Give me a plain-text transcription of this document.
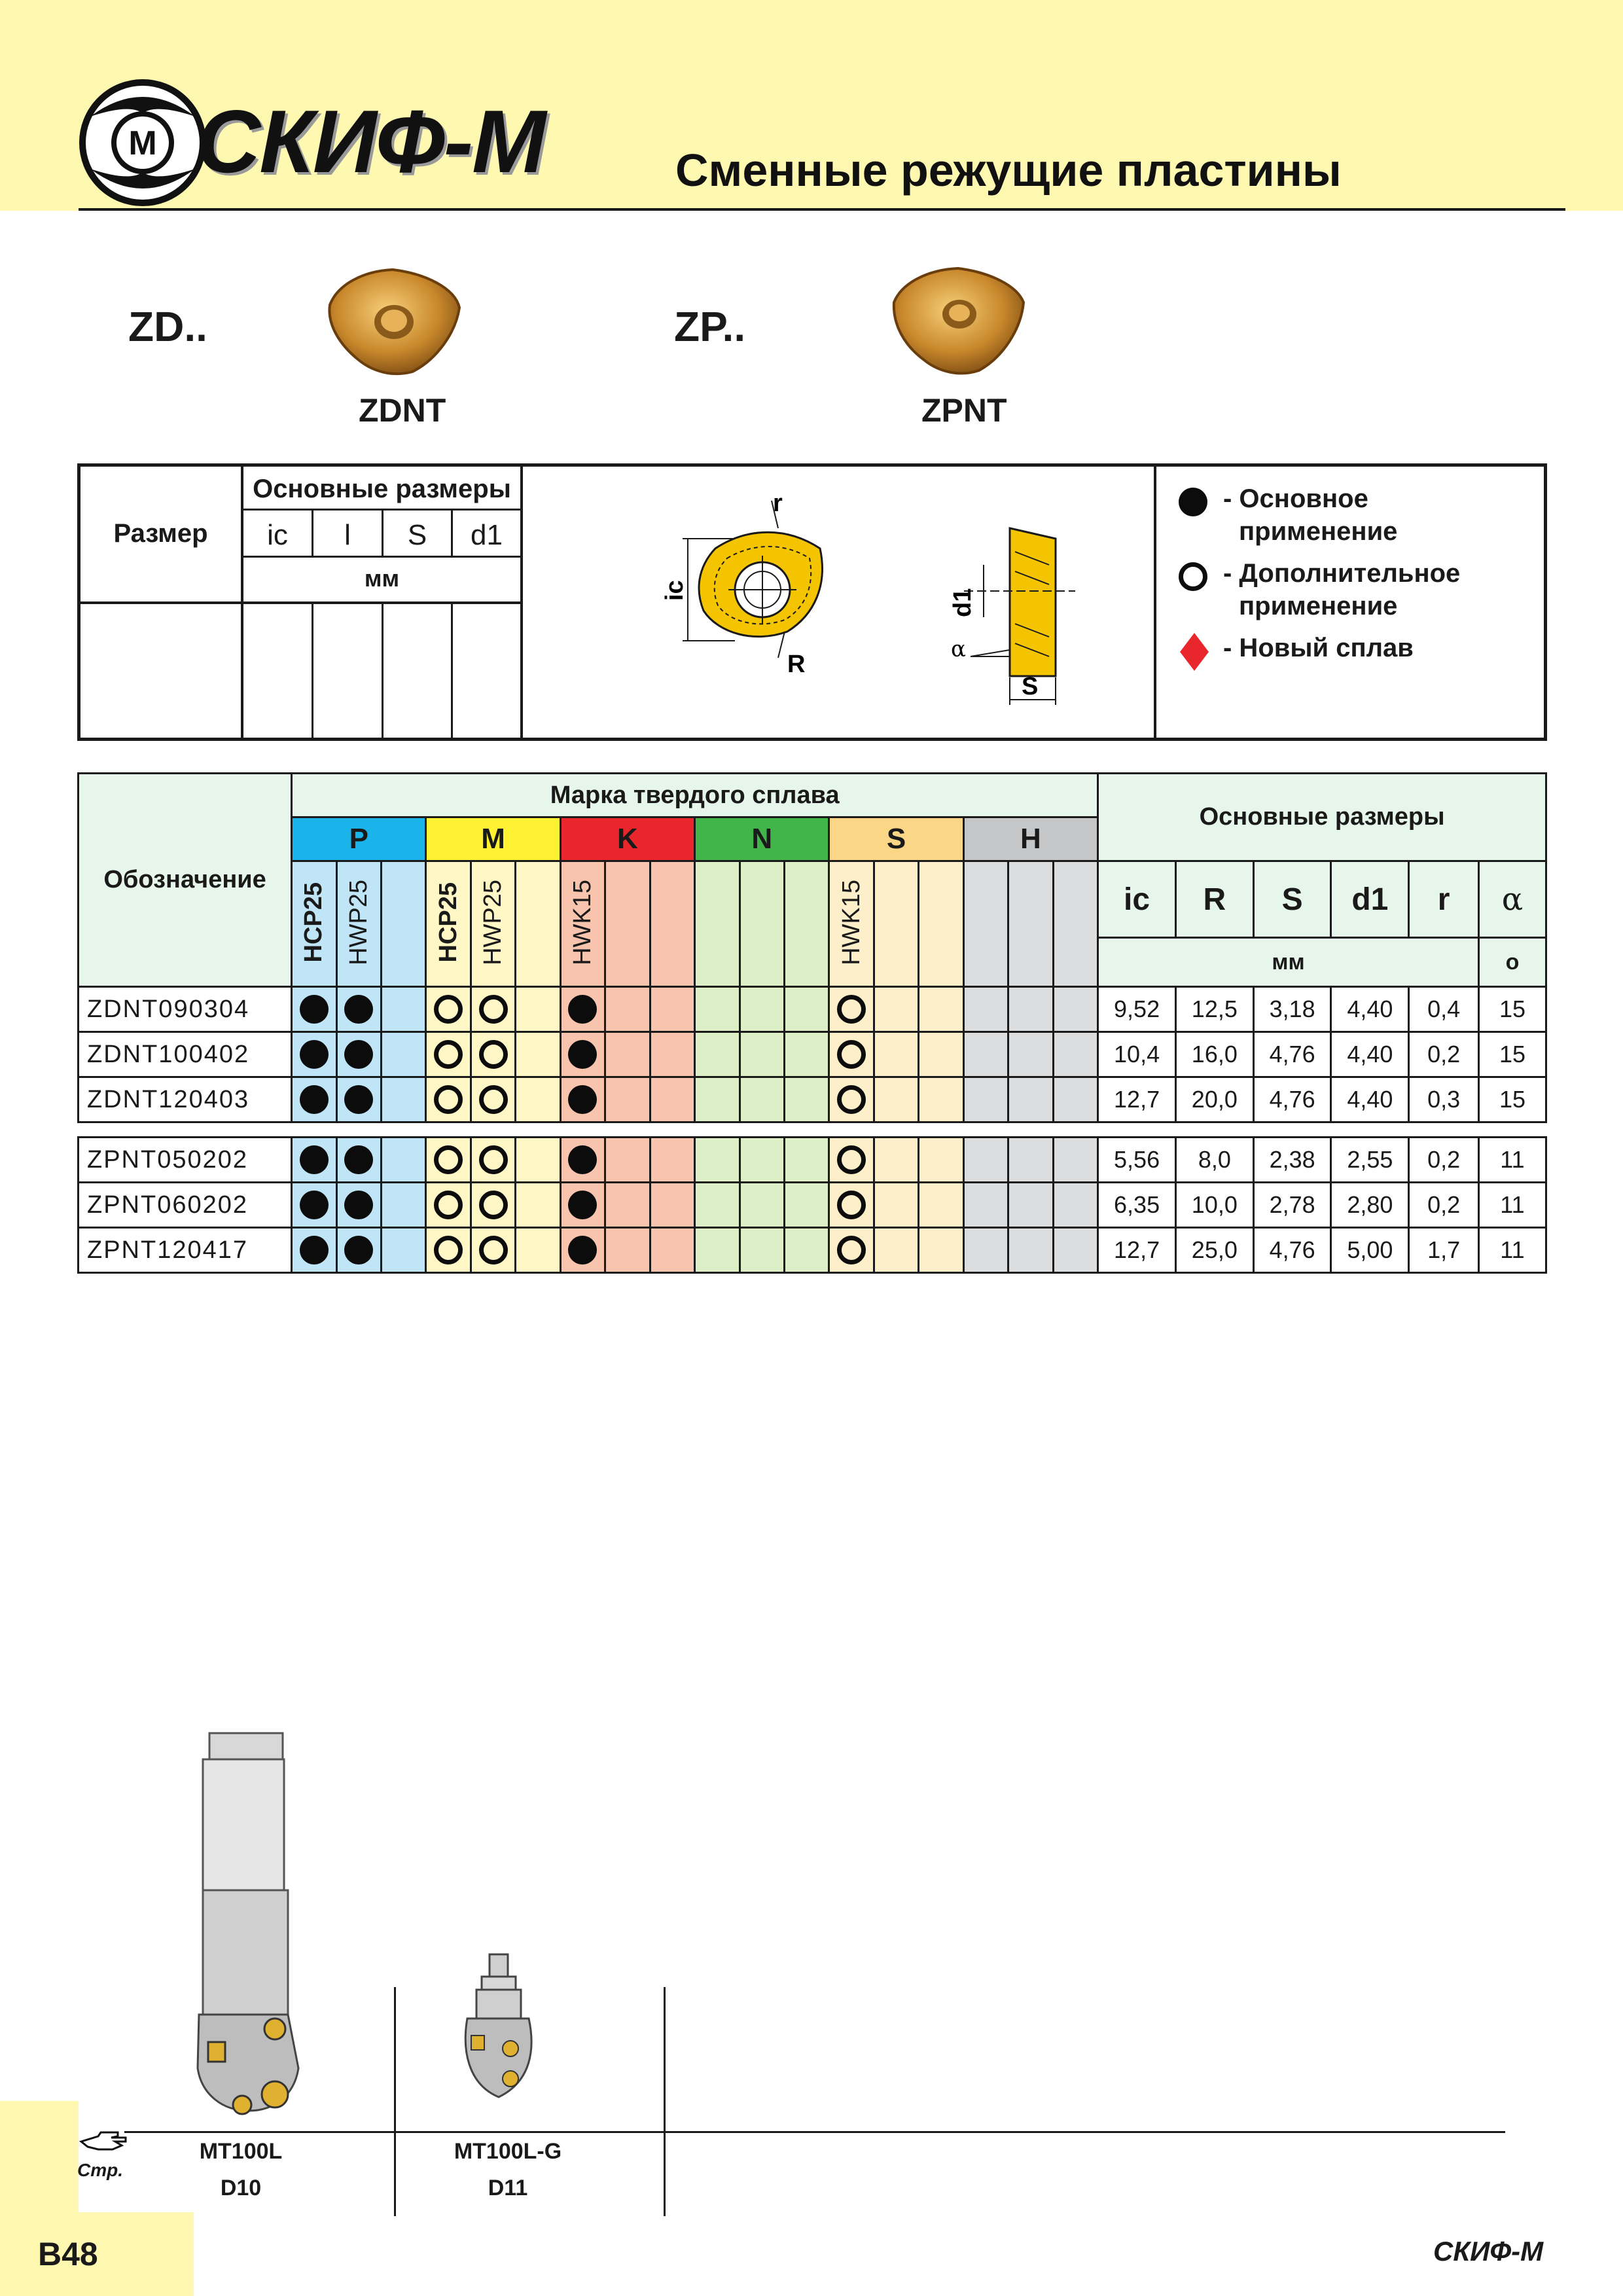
M СКИФ-М	Сменные режущие пластины
ZD..
ZDNT
ZP..
ZPNT
Размер
Основные размеры
ic	l	S	d1
мм
r
R
ic	d1
α
S
- Основное
применение
- Дополнительное
применение
- Новый сплав
Обозначение	Марка твердого сплава																		Основные размеры					
	P			M			K			N			S			H								
	HCP25	HWP25		HCP25	HWP25		HWK15						HWK15						ic	R	S	d1	r	α
																			мм					o
ZDNT090304																			9,52	12,5	3,18	4,40	0,4	15
ZDNT100402																			10,4	16,0	4,76	4,40	0,2	15
ZDNT120403																			12,7	20,0	4,76	4,40	0,3	15

ZPNT050202																			5,56	8,0	2,38	2,55	0,2	11
ZPNT060202																			6,35	10,0	2,78	2,80	0,2	11
ZPNT120417																			12,7	25,0	4,76	5,00	1,7	11
Стр.
MT100L
D10
MT100L-G
D11
B48	СКИФ-М
